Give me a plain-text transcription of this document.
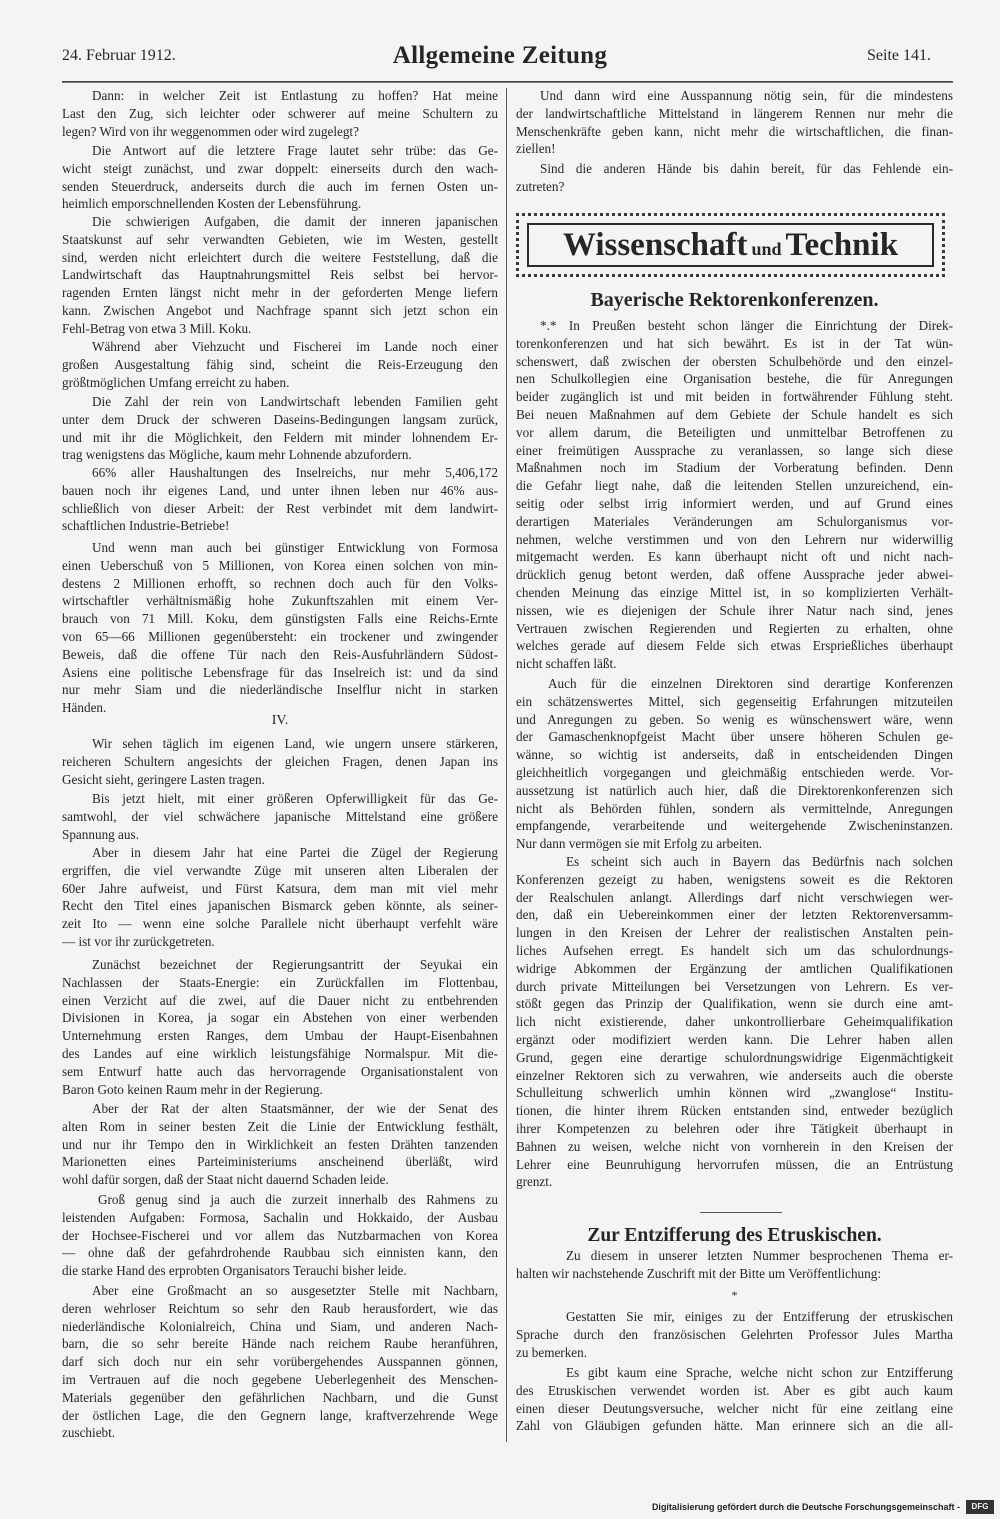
24. Februar 1912.	Allgemeine Zeitung	Seite 141.
Dann: in welcher Zeit ist Entlastung zu hoffen? Hat meine
Last den Zug, sich leichter oder schwerer auf meine Schultern zu
legen? Wird von ihr weggenommen oder wird zugelegt?
Die Antwort auf die letztere Frage lautet sehr trübe: das Ge-
wicht steigt zunächst, und zwar doppelt: einerseits durch den wach-
senden Steuerdruck, anderseits durch die auch im fernen Osten un-
heimlich emporschnellenden Kosten der Lebensführung.
Die schwierigen Aufgaben, die damit der inneren japanischen
Staatskunst auf sehr verwandten Gebieten, wie im Westen, gestellt
sind, werden nicht erleichtert durch die weitere Feststellung, daß die
Landwirtschaft das Hauptnahrungsmittel Reis selbst bei hervor-
ragenden Ernten längst nicht mehr in der geforderten Menge liefern
kann. Zwischen Angebot und Nachfrage spannt sich jetzt schon ein
Fehl-Betrag von etwa 3 Mill. Koku.
Während aber Viehzucht und Fischerei im Lande noch einer
großen Ausgestaltung fähig sind, scheint die Reis-Erzeugung den
größtmöglichen Umfang erreicht zu haben.
Die Zahl der rein von Landwirtschaft lebenden Familien geht
unter dem Druck der schweren Daseins-Bedingungen langsam zurück,
und mit ihr die Möglichkeit, den Feldern mit minder lohnendem Er-
trag wenigstens das Mögliche, kaum mehr Lohnende abzufordern.
66% aller Haushaltungen des Inselreichs, nur mehr 5,406,172
bauen noch ihr eigenes Land, und unter ihnen leben nur 46% aus-
schließlich von dieser Arbeit: der Rest verbindet mit dem landwirt-
schaftlichen Industrie-Betriebe!
Und wenn man auch bei günstiger Entwicklung von Formosa
einen Ueberschuß von 5 Millionen, von Korea einen solchen von min-
destens 2 Millionen erhofft, so rechnen doch auch für den Volks-
wirtschaftler verhältnismäßig hohe Zukunftszahlen mit einem Ver-
brauch von 71 Mill. Koku, dem günstigsten Falls eine Reichs-Ernte
von 65—66 Millionen gegenübersteht: ein trockener und zwingender
Beweis, daß die offene Tür nach den Reis-Ausfuhrländern Südost-
Asiens eine politische Lebensfrage für das Inselreich ist: und da sind
nur mehr Siam und die niederländische Inselflur nicht in starken
Händen.
IV.
Wir sehen täglich im eigenen Land, wie ungern unsere stärkeren,
reicheren Schultern angesichts der gleichen Fragen, denen Japan ins
Gesicht sieht, geringere Lasten tragen.
Bis jetzt hielt, mit einer größeren Opferwilligkeit für das Ge-
samtwohl, der viel schwächere japanische Mittelstand eine größere
Spannung aus.
Aber in diesem Jahr hat eine Partei die Zügel der Regierung
ergriffen, die viel verwandte Züge mit unseren alten Liberalen der
60er Jahre aufweist, und Fürst Katsura, dem man mit viel mehr
Recht den Titel eines japanischen Bismarck geben könnte, als seiner-
zeit Ito — wenn eine solche Parallele nicht überhaupt verfehlt wäre
— ist vor ihr zurückgetreten.
Zunächst bezeichnet der Regierungsantritt der Seyukai ein
Nachlassen der Staats-Energie: ein Zurückfallen im Flottenbau,
einen Verzicht auf die zwei, auf die Dauer nicht zu entbehrenden
Divisionen in Korea, ja sogar ein Abstehen von einer werbenden
Unternehmung ersten Ranges, dem Umbau der Haupt-Eisenbahnen
des Landes auf eine wirklich leistungsfähige Normalspur. Mit die-
sem Entwurf hatte auch das hervorragende Organisationstalent von
Baron Goto keinen Raum mehr in der Regierung.
Aber der Rat der alten Staatsmänner, der wie der Senat des
alten Rom in seiner besten Zeit die Linie der Entwicklung festhält,
und nur ihr Tempo den in Wirklichkeit an festen Drähten tanzenden
Marionetten eines Parteiministeriums anscheinend überläßt, wird
wohl dafür sorgen, daß der Staat nicht dauernd Schaden leide.
Groß genug sind ja auch die zurzeit innerhalb des Rahmens zu
leistenden Aufgaben: Formosa, Sachalin und Hokkaido, der Ausbau
der Hochsee-Fischerei und vor allem das Nutzbarmachen von Korea
— ohne daß der gefahrdrohende Raubbau sich einnisten kann, den
die starke Hand des erprobten Organisators Terauchi bisher leide.
Aber eine Großmacht an so ausgesetzter Stelle mit Nachbarn,
deren wehrloser Reichtum so sehr den Raub herausfordert, wie das
niederländische Kolonialreich, China und Siam, und anderen Nach-
barn, die so sehr bereite Hände nach reichem Raube heranführen,
darf sich doch nur ein sehr vorübergehendes Ausspannen gönnen,
im Vertrauen auf die noch gegebene Ueberlegenheit des Menschen-
Materials gegenüber den gefährlichen Nachbarn, und die Gunst
der östlichen Lage, die den Gegnern lange, kraftverzehrende Wege
zuschiebt.
Und dann wird eine Ausspannung nötig sein, für die mindestens
der landwirtschaftliche Mittelstand in längerem Rennen nur mehr die
Menschenkräfte geben kann, nicht mehr die wirtschaftlichen, die finan-
ziellen!
Sind die anderen Hände bis dahin bereit, für das Fehlende ein-
zutreten?
Wissenschaft und Technik
Bayerische Rektorenkonferenzen.
*.* In Preußen besteht schon länger die Einrichtung der Direk-
torenkonferenzen und hat sich bewährt. Es ist in der Tat wün-
schenswert, daß zwischen der obersten Schulbehörde und den einzel-
nen Schulkollegien eine Organisation bestehe, die für Anregungen
beider zugänglich ist und mit beiden in fortwährender Fühlung steht.
Bei neuen Maßnahmen auf dem Gebiete der Schule handelt es sich
vor allem darum, die Beteiligten und unmittelbar Betroffenen zu
einer freimütigen Aussprache zu veranlassen, so lange sich diese
Maßnahmen noch im Stadium der Vorberatung befinden. Denn
die Gefahr liegt nahe, daß die leitenden Stellen unzureichend, ein-
seitig oder selbst irrig informiert werden, und auf Grund eines
derartigen Materiales Veränderungen am Schulorganismus vor-
nehmen, welche verstimmen und von den Lehrern nur widerwillig
mitgemacht werden. Es kann überhaupt nicht oft und nicht nach-
drücklich genug betont werden, daß offene Aussprache jeder abwei-
chenden Meinung das einzige Mittel ist, in so komplizierten Verhält-
nissen, wie es diejenigen der Schule ihrer Natur nach sind, jenes
Vertrauen zwischen Regierenden und Regierten zu erhalten, ohne
welches gerade auf diesem Felde sich etwas Ersprießliches überhaupt
nicht schaffen läßt.
Auch für die einzelnen Direktoren sind derartige Konferenzen
ein schätzenswertes Mittel, sich gegenseitig Erfahrungen mitzuteilen
und Anregungen zu geben. So wenig es wünschenswert wäre, wenn
der Gamaschenknopfgeist Macht über unsere höheren Schulen ge-
wänne, so wichtig ist anderseits, daß in entscheidenden Dingen
gleichheitlich vorgegangen und gleichmäßig entschieden werde. Vor-
aussetzung ist natürlich auch hier, daß die Direktorenkonferenzen sich
nicht als Behörden fühlen, sondern als vermittelnde, Anregungen
empfangende, verarbeitende und weitergehende Zwischeninstanzen.
Nur dann vermögen sie mit Erfolg zu arbeiten.
Es scheint sich auch in Bayern das Bedürfnis nach solchen
Konferenzen gezeigt zu haben, wenigstens soweit es die Rektoren
der Realschulen anlangt. Allerdings darf nicht verschwiegen wer-
den, daß ein Uebereinkommen einer der letzten Rektorenversamm-
lungen in den Kreisen der Lehrer der realistischen Anstalten pein-
liches Aufsehen erregt. Es handelt sich um das schulordnungs-
widrige Abkommen der Ergänzung der amtlichen Qualifikationen
durch private Mitteilungen bei Versetzungen von Lehrern. Es ver-
stößt gegen das Prinzip der Qualifikation, wenn sie durch eine amt-
lich nicht existierende, daher unkontrollierbare Geheimqualifikation
ergänzt oder modifiziert werden kann. Die Lehrer haben allen
Grund, gegen eine derartige schulordnungswidrige Eigenmächtigkeit
einzelner Rektoren sich zu verwahren, wie anderseits auch die oberste
Schulleitung schwerlich umhin können wird „zwanglose“ Institu-
tionen, die hinter ihrem Rücken entstanden sind, entweder bezüglich
ihrer Kompetenzen zu belehren oder ihre Tätigkeit überhaupt in
Bahnen zu weisen, welche nicht von vornherein in den Kreisen der
Lehrer eine Beunruhigung hervorrufen müssen, die an Entrüstung
grenzt.
Zur Entzifferung des Etruskischen.
Zu diesem in unserer letzten Nummer besprochenen Thema er-
halten wir nachstehende Zuschrift mit der Bitte um Veröffentlichung:
*
Gestatten Sie mir, einiges zu der Entzifferung der etruskischen
Sprache durch den französischen Gelehrten Professor Jules Martha
zu bemerken.
Es gibt kaum eine Sprache, welche nicht schon zur Entzifferung
des Etruskischen verwendet worden ist. Aber es gibt auch kaum
einen dieser Deutungsversuche, welcher nicht für eine zeitlang eine
Zahl von Gläubigen gefunden hätte. Man erinnere sich an die all-
Digitalisierung gefördert durch die Deutsche Forschungsgemeinschaft -	DFG
